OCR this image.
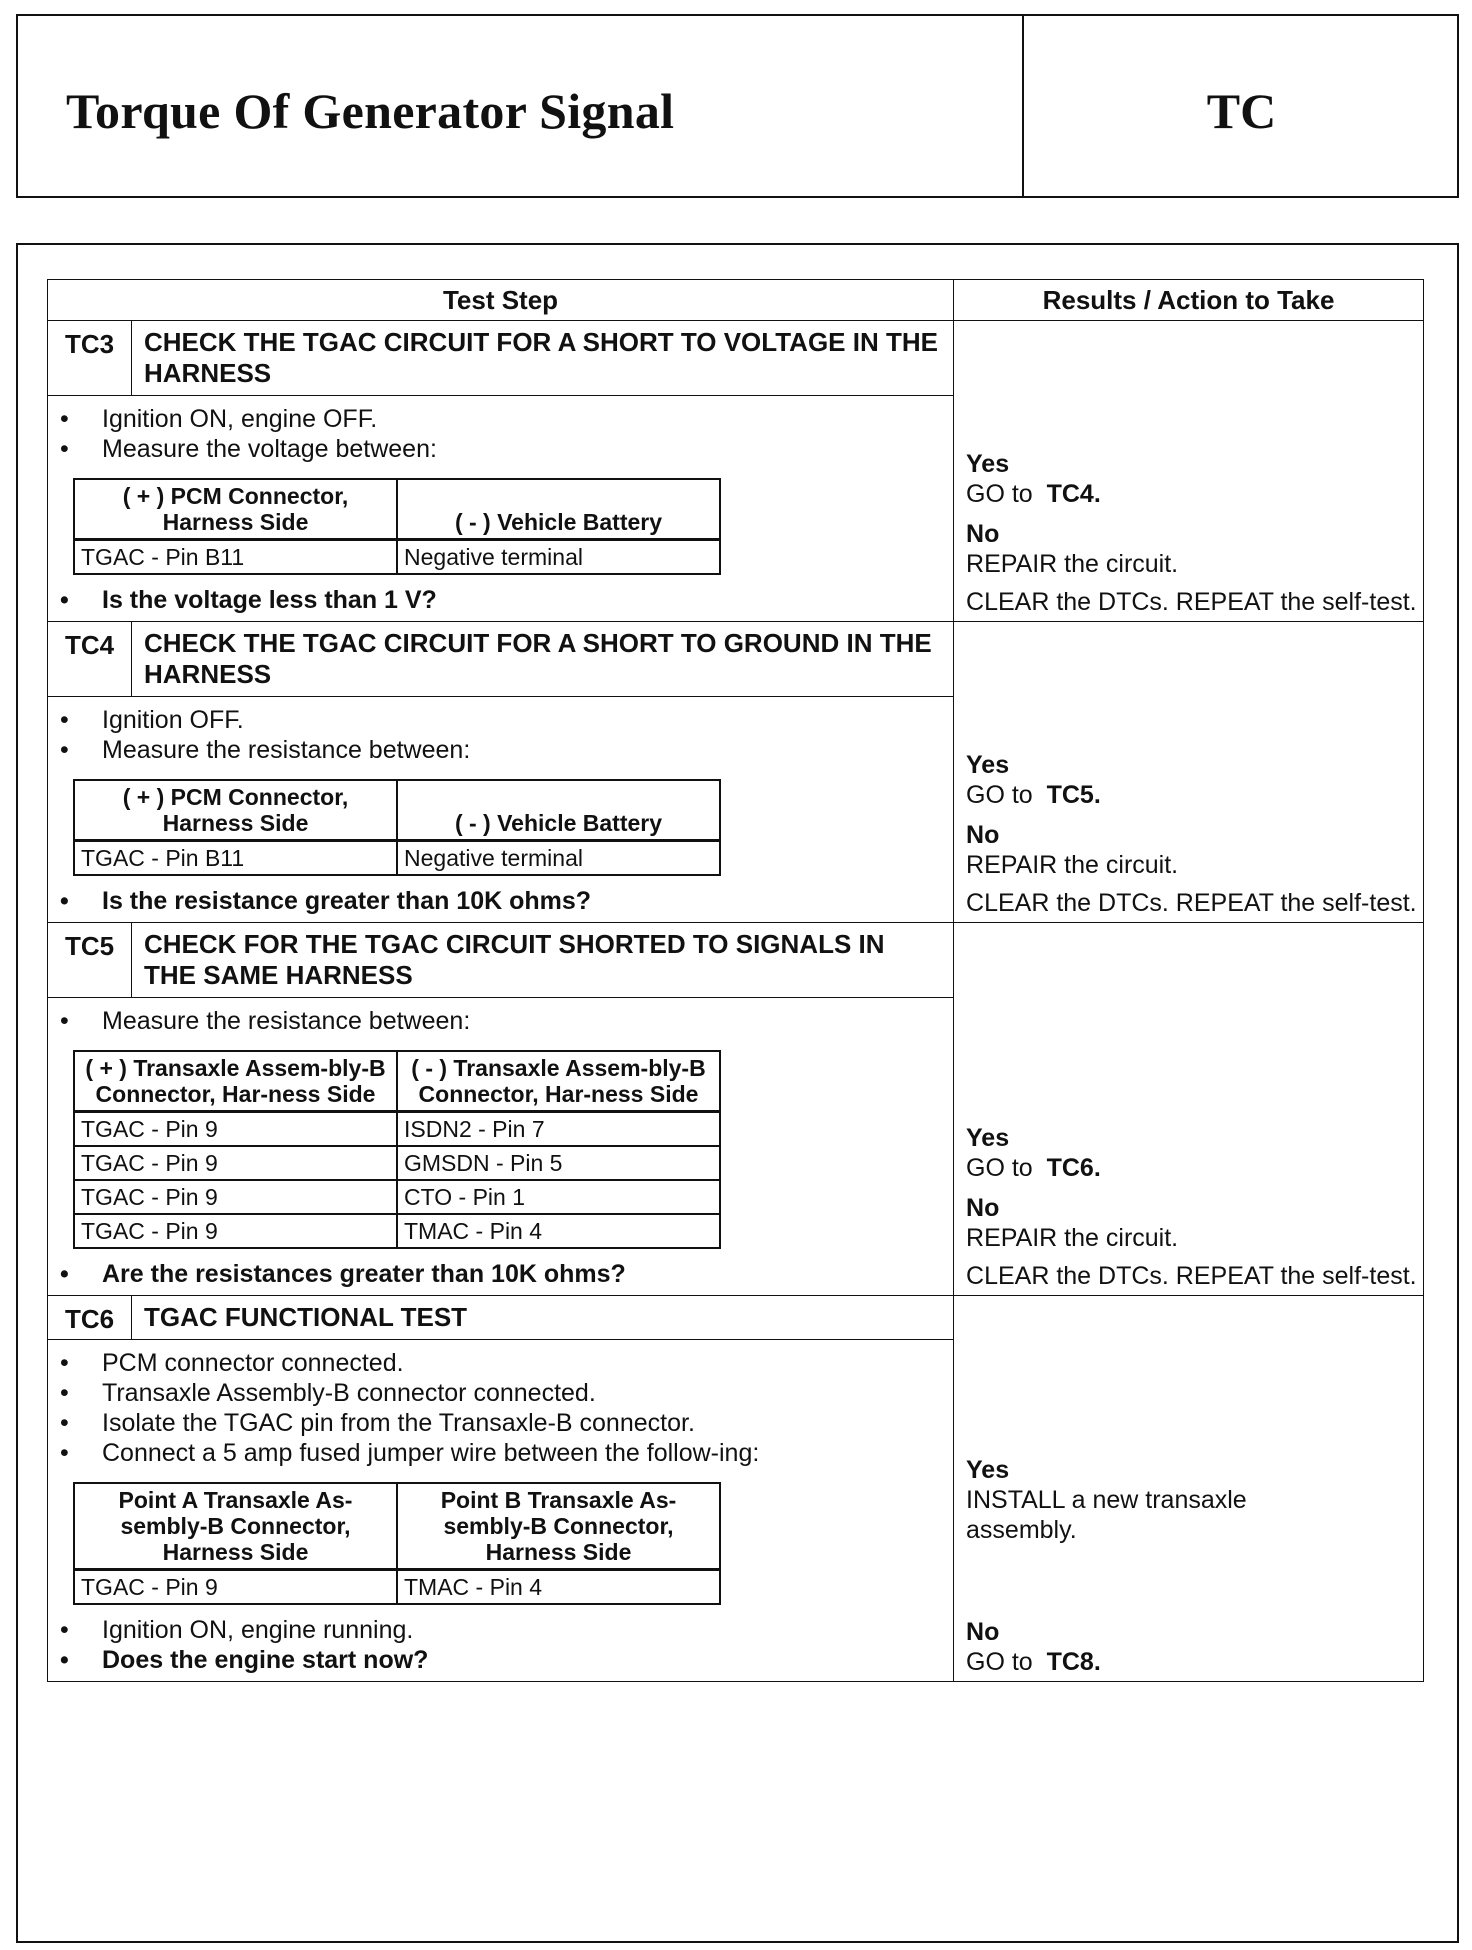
Torque Of Generator Signal	TC
Test Step	Results / Action to Take
TC3	CHECK THE TGAC CIRCUIT FOR A SHORT TO VOLTAGE IN THE HARNESS	
Yes
GO to TC4.
No
REPAIR the circuit.
CLEAR the DTCs. REPEAT the self-test.

• Ignition ON, engine OFF.
• Measure the voltage between:
( + ) PCM Connector, Harness Side	( - ) Vehicle Battery
TGAC - Pin B11	Negative terminal
• Is the voltage less than 1 V?

TC4	CHECK THE TGAC CIRCUIT FOR A SHORT TO GROUND IN THE HARNESS	
Yes
GO to TC5.
No
REPAIR the circuit.
CLEAR the DTCs. REPEAT the self-test.

• Ignition OFF.
• Measure the resistance between:
( + ) PCM Connector, Harness Side	( - ) Vehicle Battery
TGAC - Pin B11	Negative terminal
• Is the resistance greater than 10K ohms?

TC5	CHECK FOR THE TGAC CIRCUIT SHORTED TO SIGNALS IN THE SAME HARNESS	
Yes
GO to TC6.
No
REPAIR the circuit.
CLEAR the DTCs. REPEAT the self-test.

• Measure the resistance between:
( + ) Transaxle Assem-bly-B Connector, Har-ness Side	( - ) Transaxle Assem-bly-B Connector, Har-ness Side
TGAC - Pin 9	ISDN2 - Pin 7
TGAC - Pin 9	GMSDN - Pin 5
TGAC - Pin 9	CTO - Pin 1
TGAC - Pin 9	TMAC - Pin 4
• Are the resistances greater than 10K ohms?

TC6	TGAC FUNCTIONAL TEST	
Yes
INSTALL a new transaxle
assembly.
No
GO to TC8.

• PCM connector connected.
• Transaxle Assembly-B connector connected.
• Isolate the TGAC pin from the Transaxle-B connector.
• Connect a 5 amp fused jumper wire between the follow-ing:
Point A Transaxle As-sembly-B Connector, Harness Side	Point B Transaxle As-sembly-B Connector, Harness Side
TGAC - Pin 9	TMAC - Pin 4
• Ignition ON, engine running.
• Does the engine start now?
